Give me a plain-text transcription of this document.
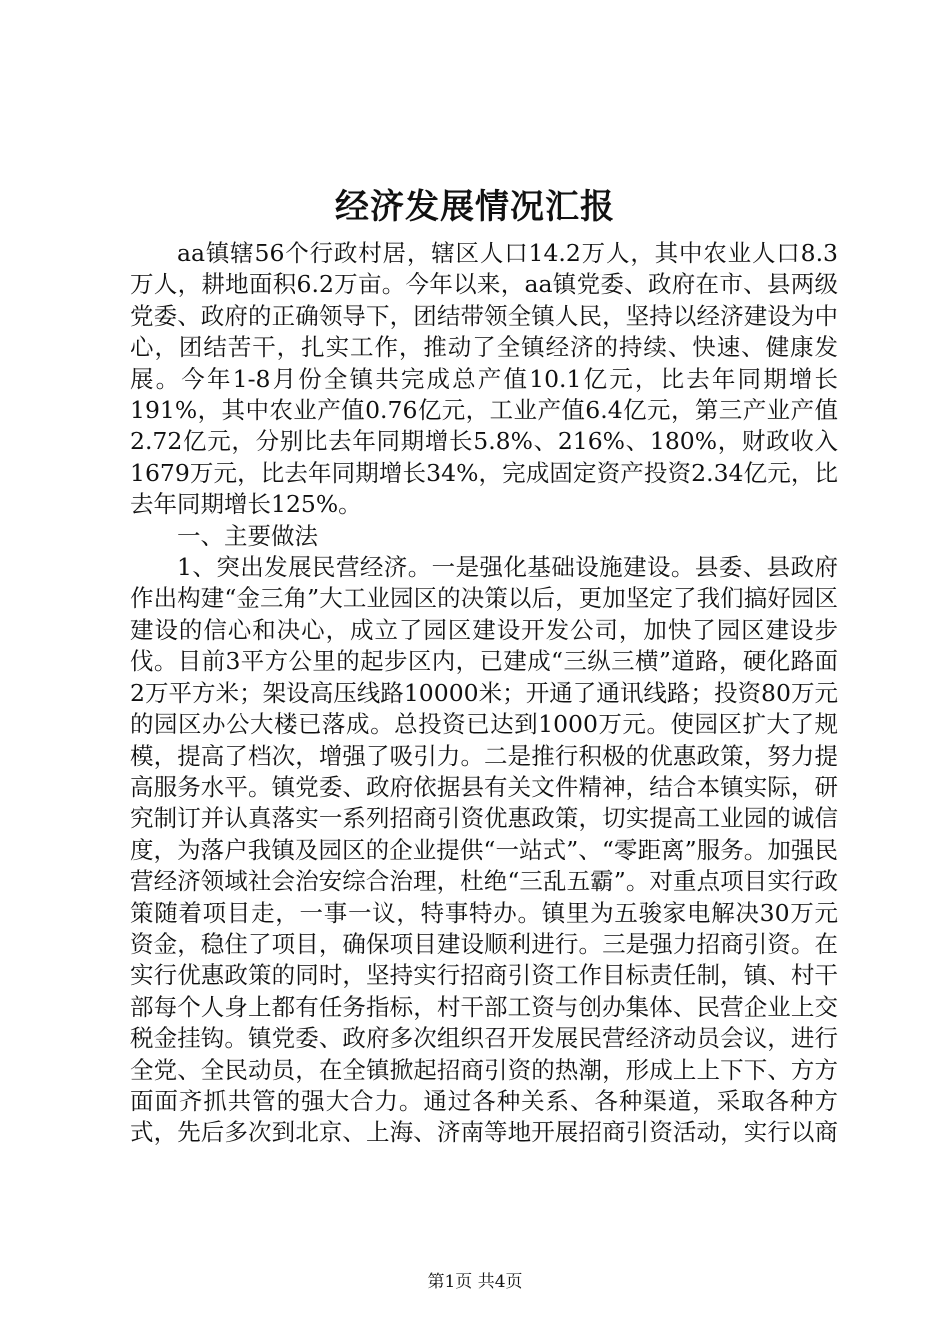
经济发展情况汇报

aa镇辖56个行政村居，辖区人口14.2万人，其中农业人口8.3万人，耕地面积6.2万亩。今年以来，aa镇党委、政府在市、县两级党委、政府的正确领导下，团结带领全镇人民，坚持以经济建设为中心，团结苦干，扎实工作，推动了全镇经济的持续、快速、健康发展。今年1-8月份全镇共完成总产值10.1亿元，比去年同期增长191%，其中农业产值0.76亿元，工业产值6.4亿元，第三产业产值2.72亿元，分别比去年同期增长5.8%、216%、180%，财政收入1679万元，比去年同期增长34%，完成固定资产投资2.34亿元，比去年同期增长125%。

一、主要做法

1、突出发展民营经济。一是强化基础设施建设。县委、县政府作出构建“金三角”大工业园区的决策以后，更加坚定了我们搞好园区建设的信心和决心，成立了园区建设开发公司，加快了园区建设步伐。目前3平方公里的起步区内，已建成“三纵三横”道路，硬化路面2万平方米；架设高压线路10000米；开通了通讯线路；投资80万元的园区办公大楼已落成。总投资已达到1000万元。使园区扩大了规模，提高了档次，增强了吸引力。二是推行积极的优惠政策，努力提高服务水平。镇党委、政府依据县有关文件精神，结合本镇实际，研究制订并认真落实一系列招商引资优惠政策，切实提高工业园的诚信度，为落户我镇及园区的企业提供“一站式”、“零距离”服务。加强民营经济领域社会治安综合治理，杜绝“三乱五霸”。对重点项目实行政策随着项目走，一事一议，特事特办。镇里为五骏家电解决30万元资金，稳住了项目，确保项目建设顺利进行。三是强力招商引资。在实行优惠政策的同时，坚持实行招商引资工作目标责任制，镇、村干部每个人身上都有任务指标，村干部工资与创办集体、民营企业上交税金挂钩。镇党委、政府多次组织召开发展民营经济动员会议，进行全党、全民动员，在全镇掀起招商引资的热潮，形成上上下下、方方面面齐抓共管的强大合力。通过各种关系、各种渠道，采取各种方式，先后多次到北京、上海、济南等地开展招商引资活动，实行以商

第1页 共4页
